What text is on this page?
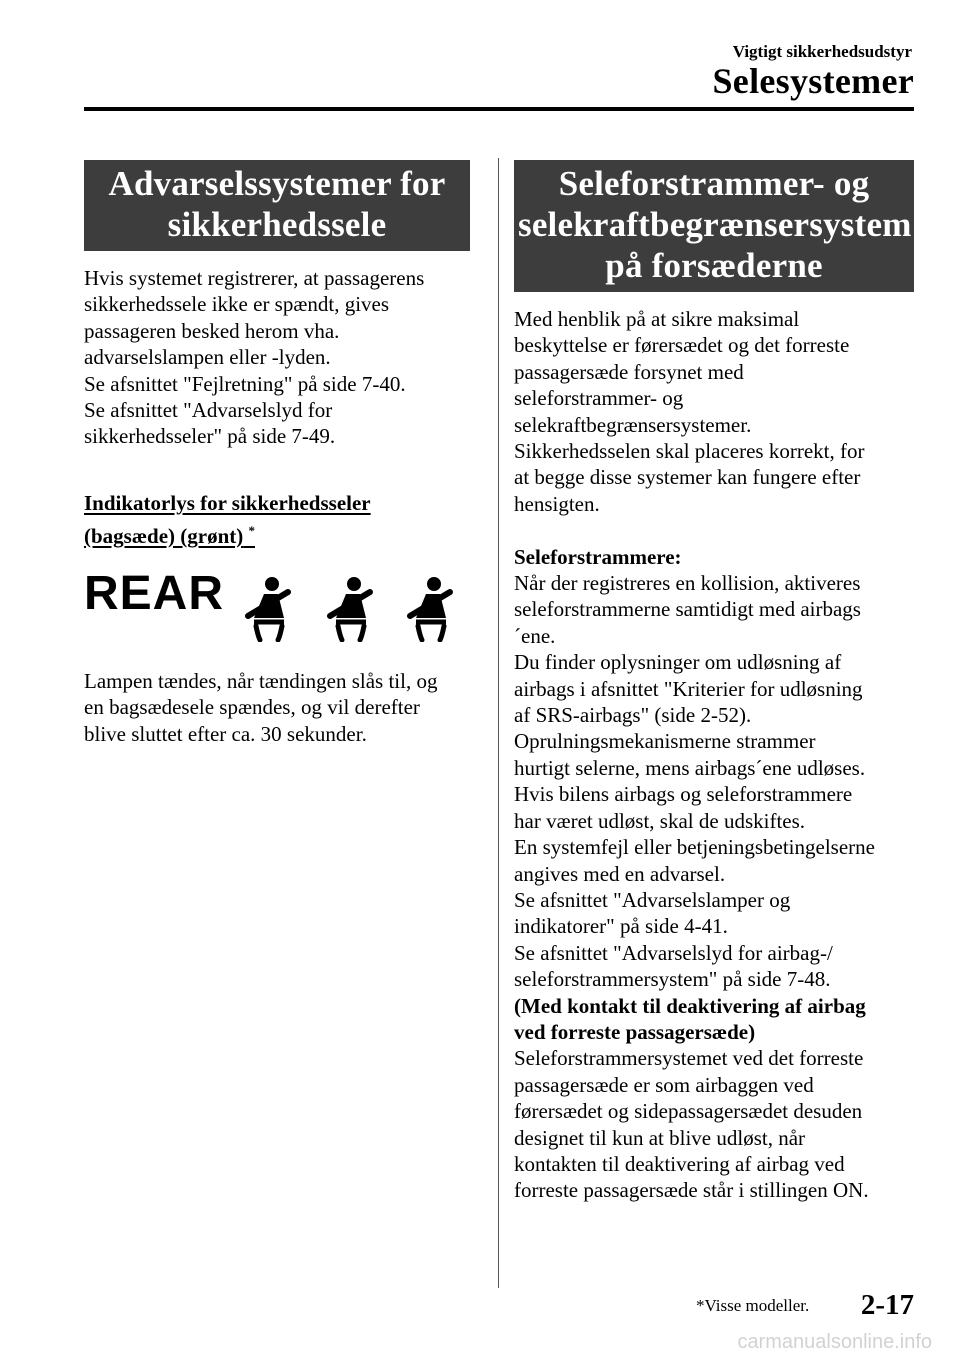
Vigtigt sikkerhedsudstyr
Selesystemer
Advarselssystemer for
sikkerhedssele
Hvis systemet registrerer, at passagerens
sikkerhedssele ikke er spændt, gives
passageren besked herom vha.
advarselslampen eller -lyden.
Se afsnittet "Fejlretning" på side 7-40.
Se afsnittet "Advarselslyd for
sikkerhedsseler" på side 7-49.
Indikatorlys for sikkerhedsseler
(bagsæde) (grønt) *
REAR
Lampen tændes, når tændingen slås til, og
en bagsædesele spændes, og vil derefter
blive sluttet efter ca. 30 sekunder.
Seleforstrammer- og
selekraftbegrænsersystem
på forsæderne
Med henblik på at sikre maksimal
beskyttelse er førersædet og det forreste
passagersæde forsynet med
seleforstrammer- og
selekraftbegrænsersystemer.
Sikkerhedsselen skal placeres korrekt, for
at begge disse systemer kan fungere efter
hensigten.
Seleforstrammere:
Når der registreres en kollision, aktiveres
seleforstrammerne samtidigt med airbags
´ene.
Du finder oplysninger om udløsning af
airbags i afsnittet "Kriterier for udløsning
af SRS-airbags" (side 2-52).
Oprulningsmekanismerne strammer
hurtigt selerne, mens airbags´ene udløses.
Hvis bilens airbags og seleforstrammere
har været udløst, skal de udskiftes.
En systemfejl eller betjeningsbetingelserne
angives med en advarsel.
Se afsnittet "Advarselslamper og
indikatorer" på side 4-41.
Se afsnittet "Advarselslyd for airbag-/
seleforstrammersystem" på side 7-48.
(Med kontakt til deaktivering af airbag
ved forreste passagersæde)
Seleforstrammersystemet ved det forreste
passagersæde er som airbaggen ved
førersædet og sidepassagersædet desuden
designet til kun at blive udløst, når
kontakten til deaktivering af airbag ved
forreste passagersæde står i stillingen ON.
*Visse modeller. 2-17
carmanualsonline.info
